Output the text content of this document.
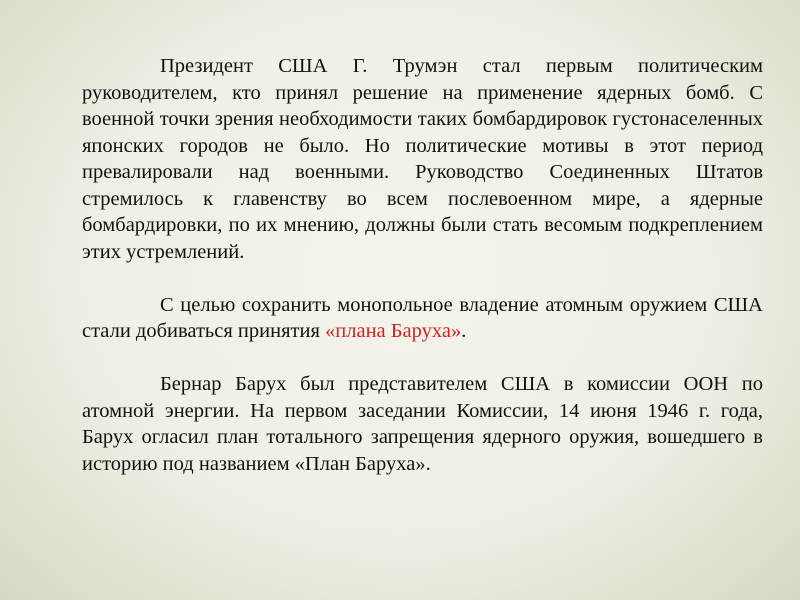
Президент США Г. Трумэн стал первым политическим руководителем, кто принял решение на применение ядерных бомб. С военной точки зрения необходимости таких бомбардировок густонаселенных японских городов не было. Но политические мотивы в этот период превалировали над военными. Руководство Соединенных Штатов стремилось к главенству во всем послевоенном мире, а ядерные бомбардировки, по их мнению, должны были стать весомым подкреплением этих устремлений.

С целью сохранить монопольное владение атомным оружием США стали добиваться принятия «плана Баруха».

Бернар Барух был представителем США в комиссии ООН по атомной энергии. На первом заседании Комиссии, 14 июня 1946 г. года, Барух огласил план тотального запрещения ядерного оружия, вошедшего в историю под названием «План Баруха».
